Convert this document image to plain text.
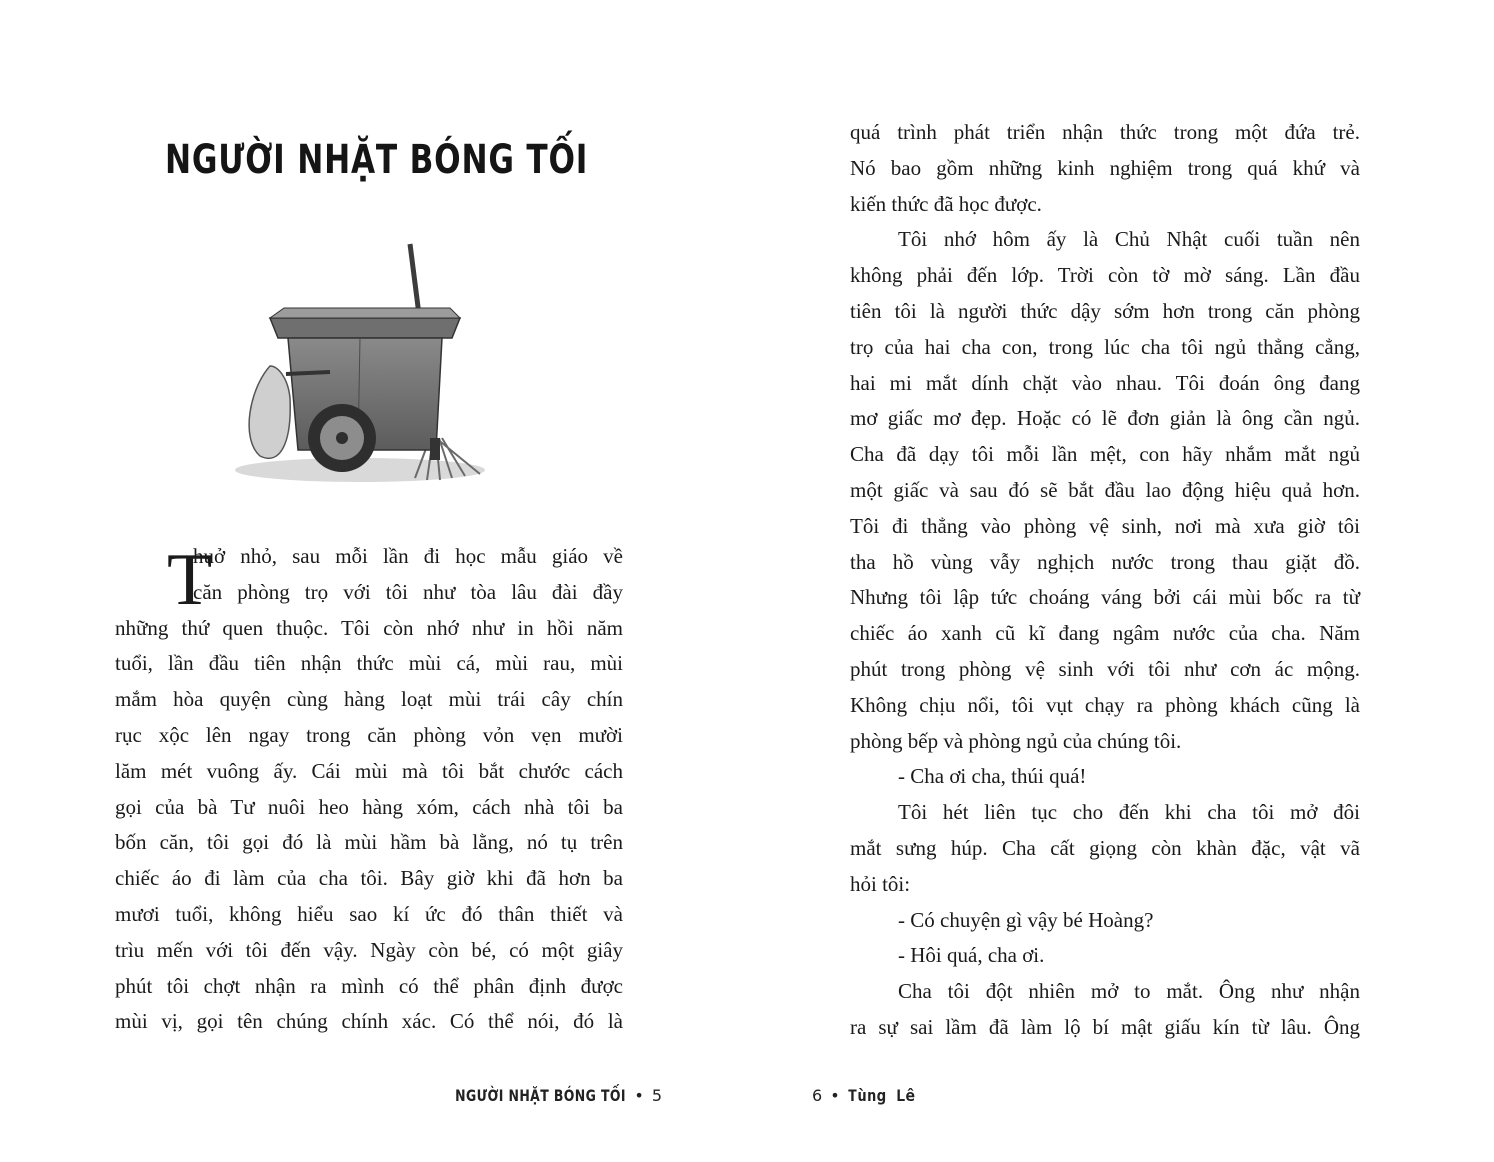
NGƯỜI NHẶT BÓNG TỐI
T
huở nhỏ, sau mỗi lần đi học mẫu giáo về
căn phòng trọ với tôi như tòa lâu đài đầy
những thứ quen thuộc. Tôi còn nhớ như in hồi năm
tuổi, lần đầu tiên nhận thức mùi cá, mùi rau, mùi
mắm hòa quyện cùng hàng loạt mùi trái cây chín
rục xộc lên ngay trong căn phòng vỏn vẹn mười
lăm mét vuông ấy. Cái mùi mà tôi bắt chước cách
gọi của bà Tư nuôi heo hàng xóm, cách nhà tôi ba
bốn căn, tôi gọi đó là mùi hầm bà lằng, nó tụ trên
chiếc áo đi làm của cha tôi. Bây giờ khi đã hơn ba
mươi tuổi, không hiểu sao kí ức đó thân thiết và
trìu mến với tôi đến vậy. Ngày còn bé, có một giây
phút tôi chợt nhận ra mình có thể phân định được
mùi vị, gọi tên chúng chính xác. Có thể nói, đó là
NGƯỜI NHẶT BÓNG TỐI • 5
quá trình phát triển nhận thức trong một đứa trẻ.
Nó bao gồm những kinh nghiệm trong quá khứ và
kiến thức đã học được.
Tôi nhớ hôm ấy là Chủ Nhật cuối tuần nên
không phải đến lớp. Trời còn tờ mờ sáng. Lần đầu
tiên tôi là người thức dậy sớm hơn trong căn phòng
trọ của hai cha con, trong lúc cha tôi ngủ thẳng cẳng,
hai mi mắt dính chặt vào nhau. Tôi đoán ông đang
mơ giấc mơ đẹp. Hoặc có lẽ đơn giản là ông cần ngủ.
Cha đã dạy tôi mỗi lần mệt, con hãy nhắm mắt ngủ
một giấc và sau đó sẽ bắt đầu lao động hiệu quả hơn.
Tôi đi thẳng vào phòng vệ sinh, nơi mà xưa giờ tôi
tha hồ vùng vẫy nghịch nước trong thau giặt đồ.
Nhưng tôi lập tức choáng váng bởi cái mùi bốc ra từ
chiếc áo xanh cũ kĩ đang ngâm nước của cha. Năm
phút trong phòng vệ sinh với tôi như cơn ác mộng.
Không chịu nổi, tôi vụt chạy ra phòng khách cũng là
phòng bếp và phòng ngủ của chúng tôi.
- Cha ơi cha, thúi quá!
Tôi hét liên tục cho đến khi cha tôi mở đôi
mắt sưng húp. Cha cất giọng còn khàn đặc, vật vã
hỏi tôi:
- Có chuyện gì vậy bé Hoàng?
- Hôi quá, cha ơi.
Cha tôi đột nhiên mở to mắt. Ông như nhận
ra sự sai lầm đã làm lộ bí mật giấu kín từ lâu. Ông
6 • Tùng Lê
